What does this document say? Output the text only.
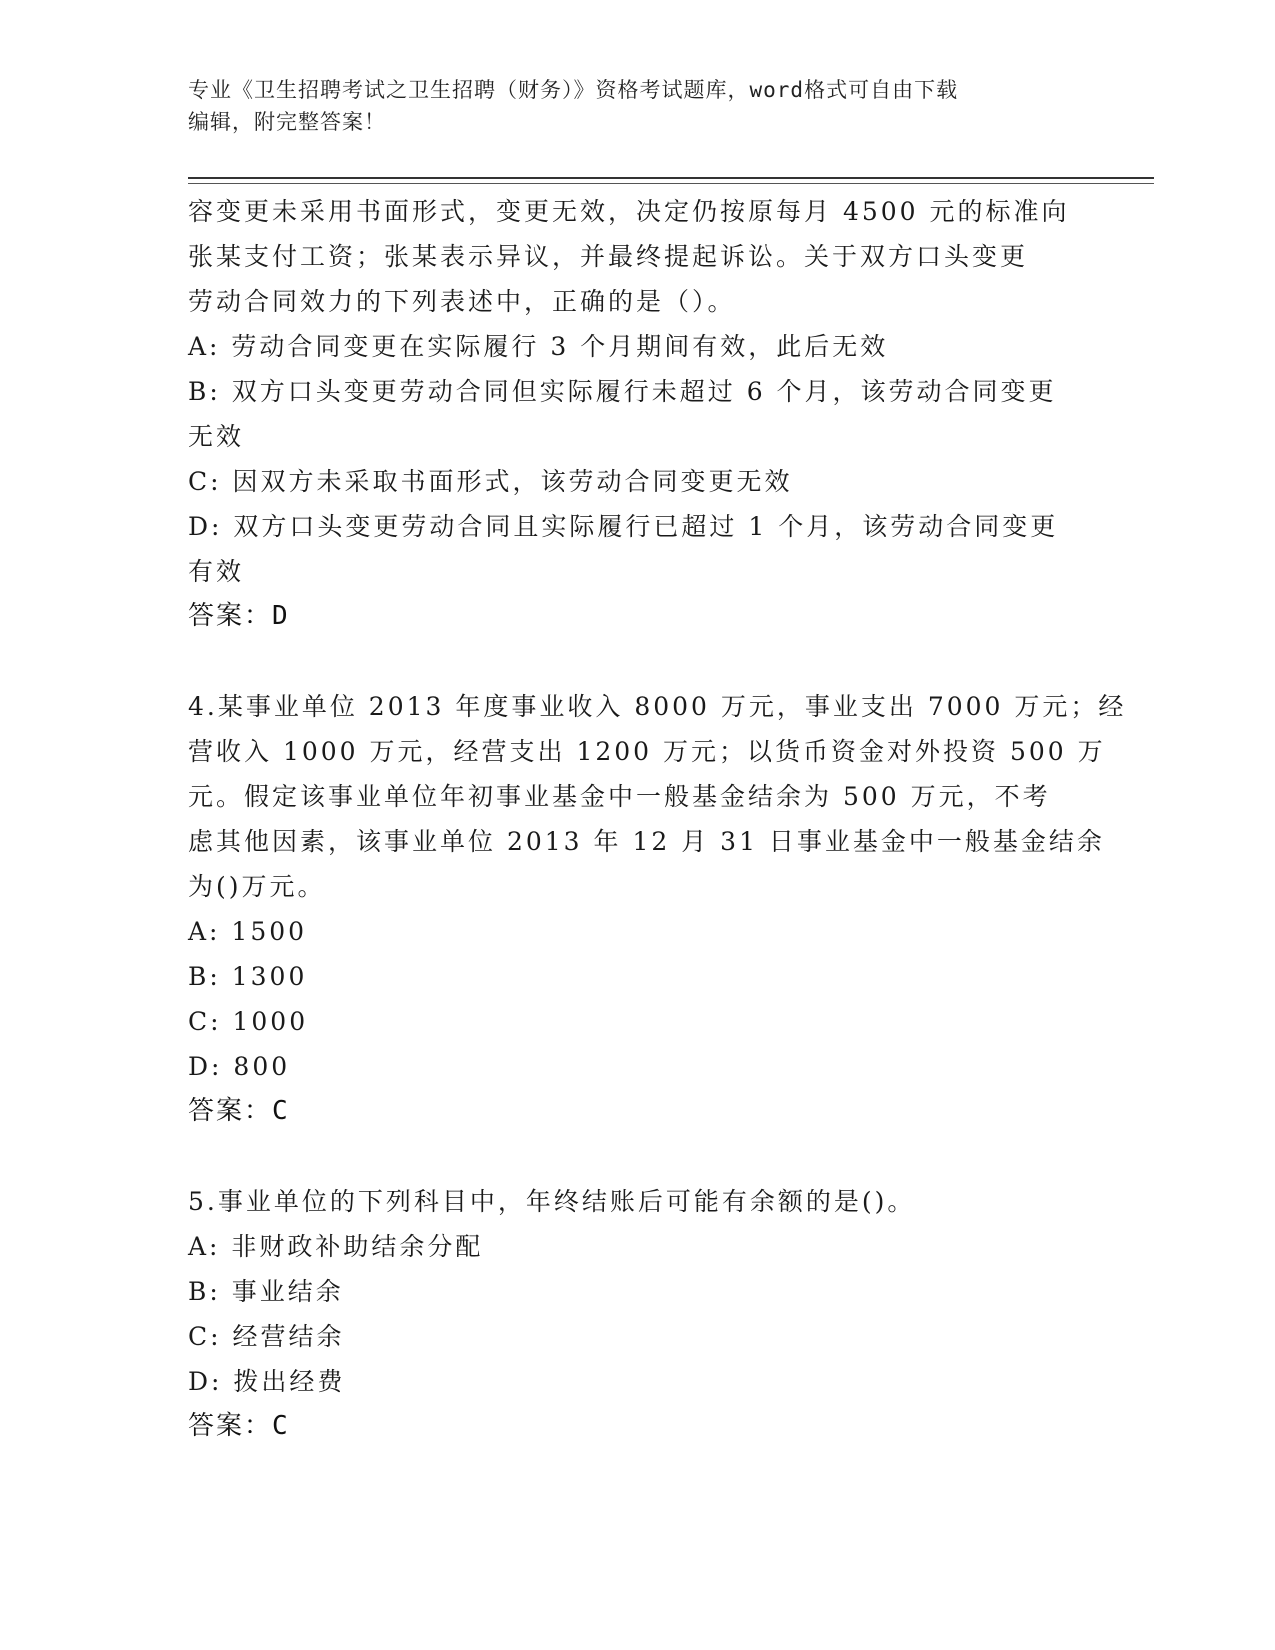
专业《卫生招聘考试之卫生招聘（财务）》资格考试题库，word格式可自由下载
编辑，附完整答案！
容变更未采用书面形式，变更无效，决定仍按原每月 4500 元的标准向
张某支付工资；张某表示异议，并最终提起诉讼。关于双方口头变更
劳动合同效力的下列表述中，正确的是（）。
A: 劳动合同变更在实际履行 3 个月期间有效，此后无效
B: 双方口头变更劳动合同但实际履行未超过 6 个月，该劳动合同变更
无效
C: 因双方未采取书面形式，该劳动合同变更无效
D: 双方口头变更劳动合同且实际履行已超过 1 个月，该劳动合同变更
有效
答案：D
4.某事业单位 2013 年度事业收入 8000 万元，事业支出 7000 万元；经
营收入 1000 万元，经营支出 1200 万元；以货币资金对外投资 500 万
元。假定该事业单位年初事业基金中一般基金结余为 500 万元，不考
虑其他因素，该事业单位 2013 年 12 月 31 日事业基金中一般基金结余
为()万元。
A: 1500
B: 1300
C: 1000
D: 800
答案：C
5.事业单位的下列科目中，年终结账后可能有余额的是()。
A: 非财政补助结余分配
B: 事业结余
C: 经营结余
D: 拨出经费
答案：C
